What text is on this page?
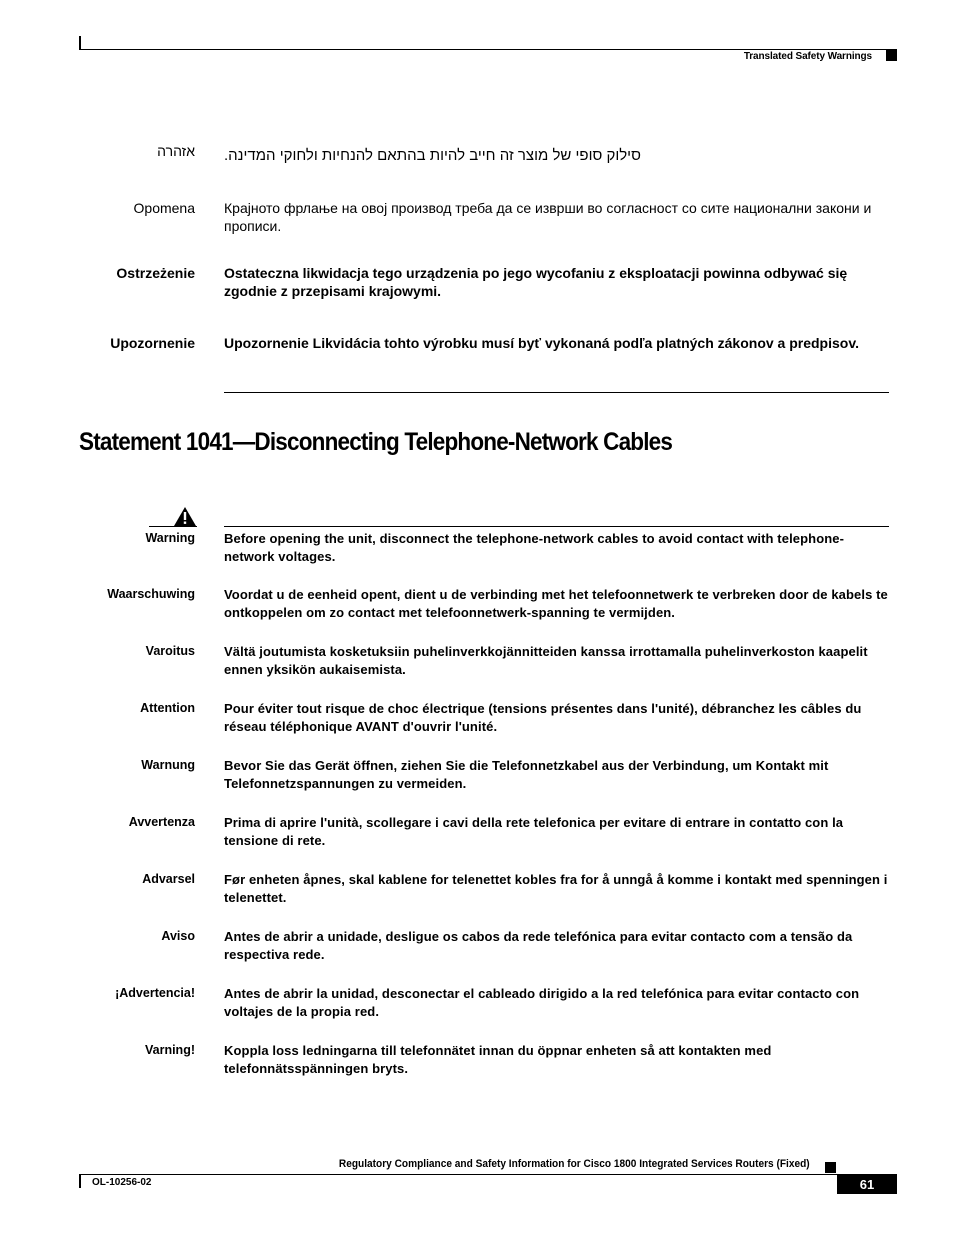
Translated Safety Warnings
אזהרה סילוק סופי של מוצר זה חייב להיות בהתאם להנחיות ולחוקי המדינה.
Opomena Крајното фрлање на овој производ треба да се изврши во согласност со сите национални закони и прописи.
Ostrzeżenie Ostateczna likwidacja tego urządzenia po jego wycofaniu z eksploatacji powinna odbywać się zgodnie z przepisami krajowymi.
Upozornenie Upozornenie Likvidácia tohto výrobku musí byť vykonaná podľa platných zákonov a predpisov.
Statement 1041—Disconnecting Telephone-Network Cables
Warning Before opening the unit, disconnect the telephone-network cables to avoid contact with telephone-network voltages.
Waarschuwing Voordat u de eenheid opent, dient u de verbinding met het telefoonnetwerk te verbreken door de kabels te ontkoppelen om zo contact met telefoonnetwerk-spanning te vermijden.
Varoitus Vältä joutumista kosketuksiin puhelinverkkojännitteiden kanssa irrottamalla puhelinverkoston kaapelit ennen yksikön aukaisemista.
Attention Pour éviter tout risque de choc électrique (tensions présentes dans l'unité), débranchez les câbles du réseau téléphonique AVANT d'ouvrir l'unité.
Warnung Bevor Sie das Gerät öffnen, ziehen Sie die Telefonnetzkabel aus der Verbindung, um Kontakt mit Telefonnetzspannungen zu vermeiden.
Avvertenza Prima di aprire l'unità, scollegare i cavi della rete telefonica per evitare di entrare in contatto con la tensione di rete.
Advarsel Før enheten åpnes, skal kablene for telenettet kobles fra for å unngå å komme i kontakt med spenningen i telenettet.
Aviso Antes de abrir a unidade, desligue os cabos da rede telefónica para evitar contacto com a tensão da respectiva rede.
¡Advertencia! Antes de abrir la unidad, desconectar el cableado dirigido a la red telefónica para evitar contacto con voltajes de la propia red.
Varning! Koppla loss ledningarna till telefonnätet innan du öppnar enheten så att kontakten med telefonnätsspänningen bryts.
Regulatory Compliance and Safety Information for Cisco 1800 Integrated Services Routers (Fixed)
OL-10256-02	61
